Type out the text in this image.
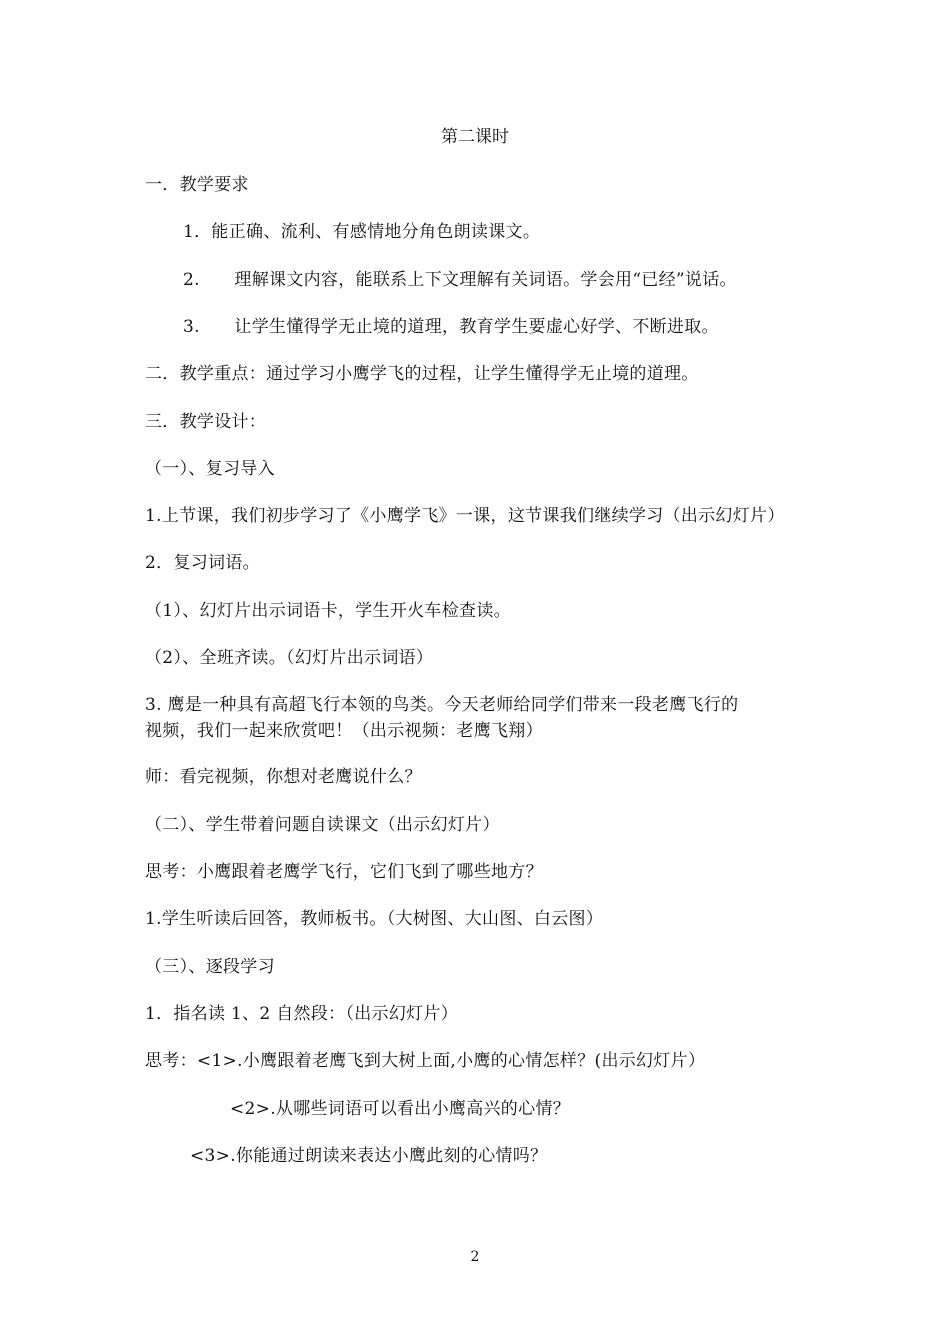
第二课时
一．教学要求
1．能正确、流利、有感情地分角色朗读课文。
2.　　理解课文内容，能联系上下文理解有关词语。学会用“已经”说话。
3.　　让学生懂得学无止境的道理，教育学生要虚心好学、不断进取。
二．教学重点：通过学习小鹰学飞的过程，让学生懂得学无止境的道理。
三．教学设计：
（一）、复习导入
1.上节课，我们初步学习了《小鹰学飞》一课，这节课我们继续学习（出示幻灯片）
2．复习词语。
（1）、幻灯片出示词语卡，学生开火车检查读。
（2）、全班齐读。（幻灯片出示词语）
3. 鹰是一种具有高超飞行本领的鸟类。今天老师给同学们带来一段老鹰飞行的
视频，我们一起来欣赏吧！（出示视频：老鹰飞翔）
师：看完视频，你想对老鹰说什么？
（二）、学生带着问题自读课文（出示幻灯片）
思考：小鹰跟着老鹰学飞行，它们飞到了哪些地方？
1.学生听读后回答，教师板书。（大树图、大山图、白云图）
（三）、逐段学习
1．指名读 1、2 自然段：（出示幻灯片）
思考：<1>.小鹰跟着老鹰飞到大树上面,小鹰的心情怎样？(出示幻灯片）
<2>.从哪些词语可以看出小鹰高兴的心情？
<3>.你能通过朗读来表达小鹰此刻的心情吗？
2
